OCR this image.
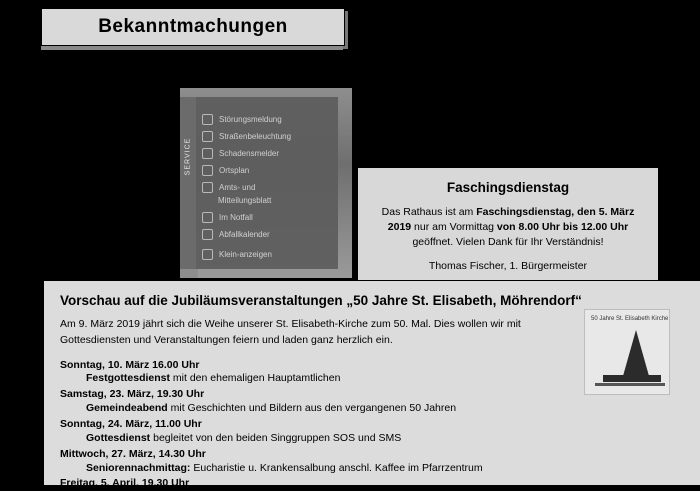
Bekanntmachungen
SERVICE
Störungsmeldung
Straßenbeleuchtung
Schadensmelder
Ortsplan
Amts- und
Mitteilungsblatt
Im Notfall
Abfallkalender
Klein-anzeigen
Faschingsdienstag

Das Rathaus ist am Faschingsdienstag, den 5. März 2019 nur am Vormittag von 8.00 Uhr bis 12.00 Uhr geöffnet. Vielen Dank für Ihr Verständnis!

Thomas Fischer, 1. Bürgermeister

Vorschau auf die Jubiläumsveranstaltungen „50 Jahre St. Elisabeth, Möhrendorf“

Am 9. März 2019 jährt sich die Weihe unserer St. Elisabeth-Kirche zum 50. Mal. Dies wollen wir mit Gottesdiensten und Veranstaltungen feiern und laden ganz herzlich ein.

50 Jahre St. Elisabeth Kirche
Sonntag, 10. März 16.00 Uhr
Festgottesdienst mit den ehemaligen Hauptamtlichen
Samstag, 23. März, 19.30 Uhr
Gemeindeabend mit Geschichten und Bildern aus den vergangenen 50 Jahren
Sonntag, 24. März, 11.00 Uhr
Gottesdienst begleitet von den beiden Singgruppen SOS und SMS
Mittwoch, 27. März, 14.30 Uhr
Seniorennachmittag: Eucharistie u. Krankensalbung anschl. Kaffee im Pfarrzentrum
Freitag, 5. April, 19.30 Uhr
